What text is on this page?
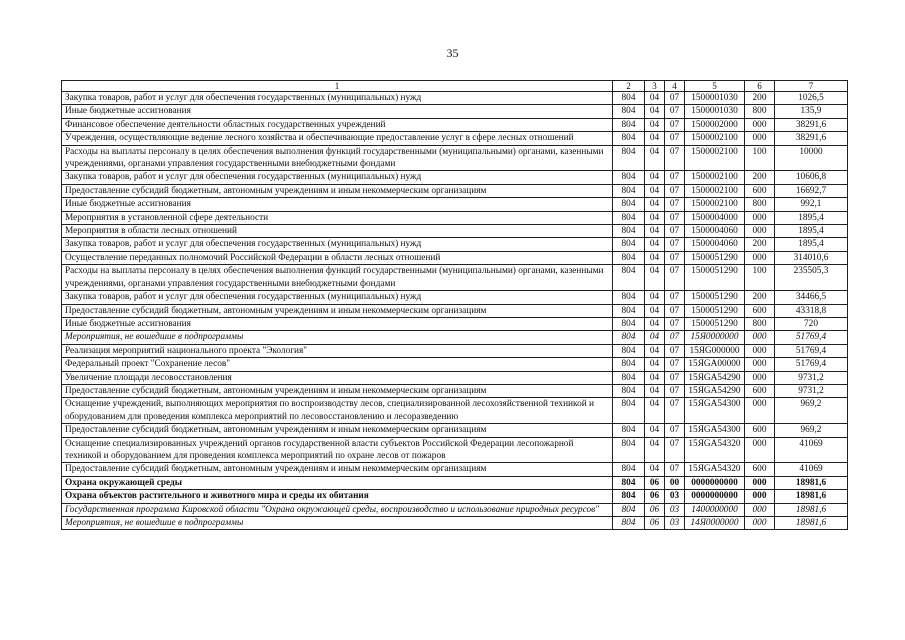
35
1	2	3	4	5	6	7
Закупка товаров, работ и услуг для обеспечения государственных (муниципальных) нужд	804	04	07	1500001030	200	1026,5
Иные бюджетные ассигнования	804	04	07	1500001030	800	135,9
Финансовое обеспечение деятельности областных государственных учреждений	804	04	07	1500002000	000	38291,6
Учреждения, осуществляющие ведение лесного хозяйства и обеспечивающие предоставление услуг в сфере лесных отношений	804	04	07	1500002100	000	38291,6
Расходы на выплаты персоналу в целях обеспечения выполнения функций государственными (муниципальными) органами, казенными учреждениями, органами управления государственными внебюджетными фондами	804	04	07	1500002100	100	10000
Закупка товаров, работ и услуг для обеспечения государственных (муниципальных) нужд	804	04	07	1500002100	200	10606,8
Предоставление субсидий бюджетным, автономным учреждениям и иным некоммерческим организациям	804	04	07	1500002100	600	16692,7
Иные бюджетные ассигнования	804	04	07	1500002100	800	992,1
Мероприятия в установленной сфере деятельности	804	04	07	1500004000	000	1895,4
Мероприятия в области лесных отношений	804	04	07	1500004060	000	1895,4
Закупка товаров, работ и услуг для обеспечения государственных (муниципальных) нужд	804	04	07	1500004060	200	1895,4
Осуществление переданных полномочий Российской Федерации в области лесных отношений	804	04	07	1500051290	000	314010,6
Расходы на выплаты персоналу в целях обеспечения выполнения функций государственными (муниципальными) органами, казенными учреждениями, органами управления государственными внебюджетными фондами	804	04	07	1500051290	100	235505,3
Закупка товаров, работ и услуг для обеспечения государственных (муниципальных) нужд	804	04	07	1500051290	200	34466,5
Предоставление субсидий бюджетным, автономным учреждениям и иным некоммерческим организациям	804	04	07	1500051290	600	43318,8
Иные бюджетные ассигнования	804	04	07	1500051290	800	720
Мероприятия, не вошедшие в подпрограммы	804	04	07	15Я0000000	000	51769,4
Реализация мероприятий национального проекта "Экология"	804	04	07	15ЯG000000	000	51769,4
Федеральный проект "Сохранение лесов"	804	04	07	15ЯGA00000	000	51769,4
Увеличение площади лесовосстановления	804	04	07	15ЯGA54290	000	9731,2
Предоставление субсидий бюджетным, автономным учреждениям и иным некоммерческим организациям	804	04	07	15ЯGA54290	600	9731,2
Оснащение учреждений, выполняющих мероприятия по воспроизводству лесов, специализированной лесохозяйственной техникой и оборудованием для проведения комплекса мероприятий по лесовосстановлению и лесоразведению	804	04	07	15ЯGA54300	000	969,2
Предоставление субсидий бюджетным, автономным учреждениям и иным некоммерческим организациям	804	04	07	15ЯGA54300	600	969,2
Оснащение специализированных учреждений органов государственной власти субъектов Российской Федерации лесопожарной техникой и оборудованием для проведения комплекса мероприятий по охране лесов от пожаров	804	04	07	15ЯGA54320	000	41069
Предоставление субсидий бюджетным, автономным учреждениям и иным некоммерческим организациям	804	04	07	15ЯGA54320	600	41069
Охрана окружающей среды	804	06	00	0000000000	000	18981,6
Охрана объектов растительного и животного мира и среды их обитания	804	06	03	0000000000	000	18981,6
Государственная программа Кировской области "Охрана окружающей среды, воспроизводство и использование природных ресурсов"	804	06	03	1400000000	000	18981,6
Мероприятия, не вошедшие в подпрограммы	804	06	03	14Я0000000	000	18981,6
